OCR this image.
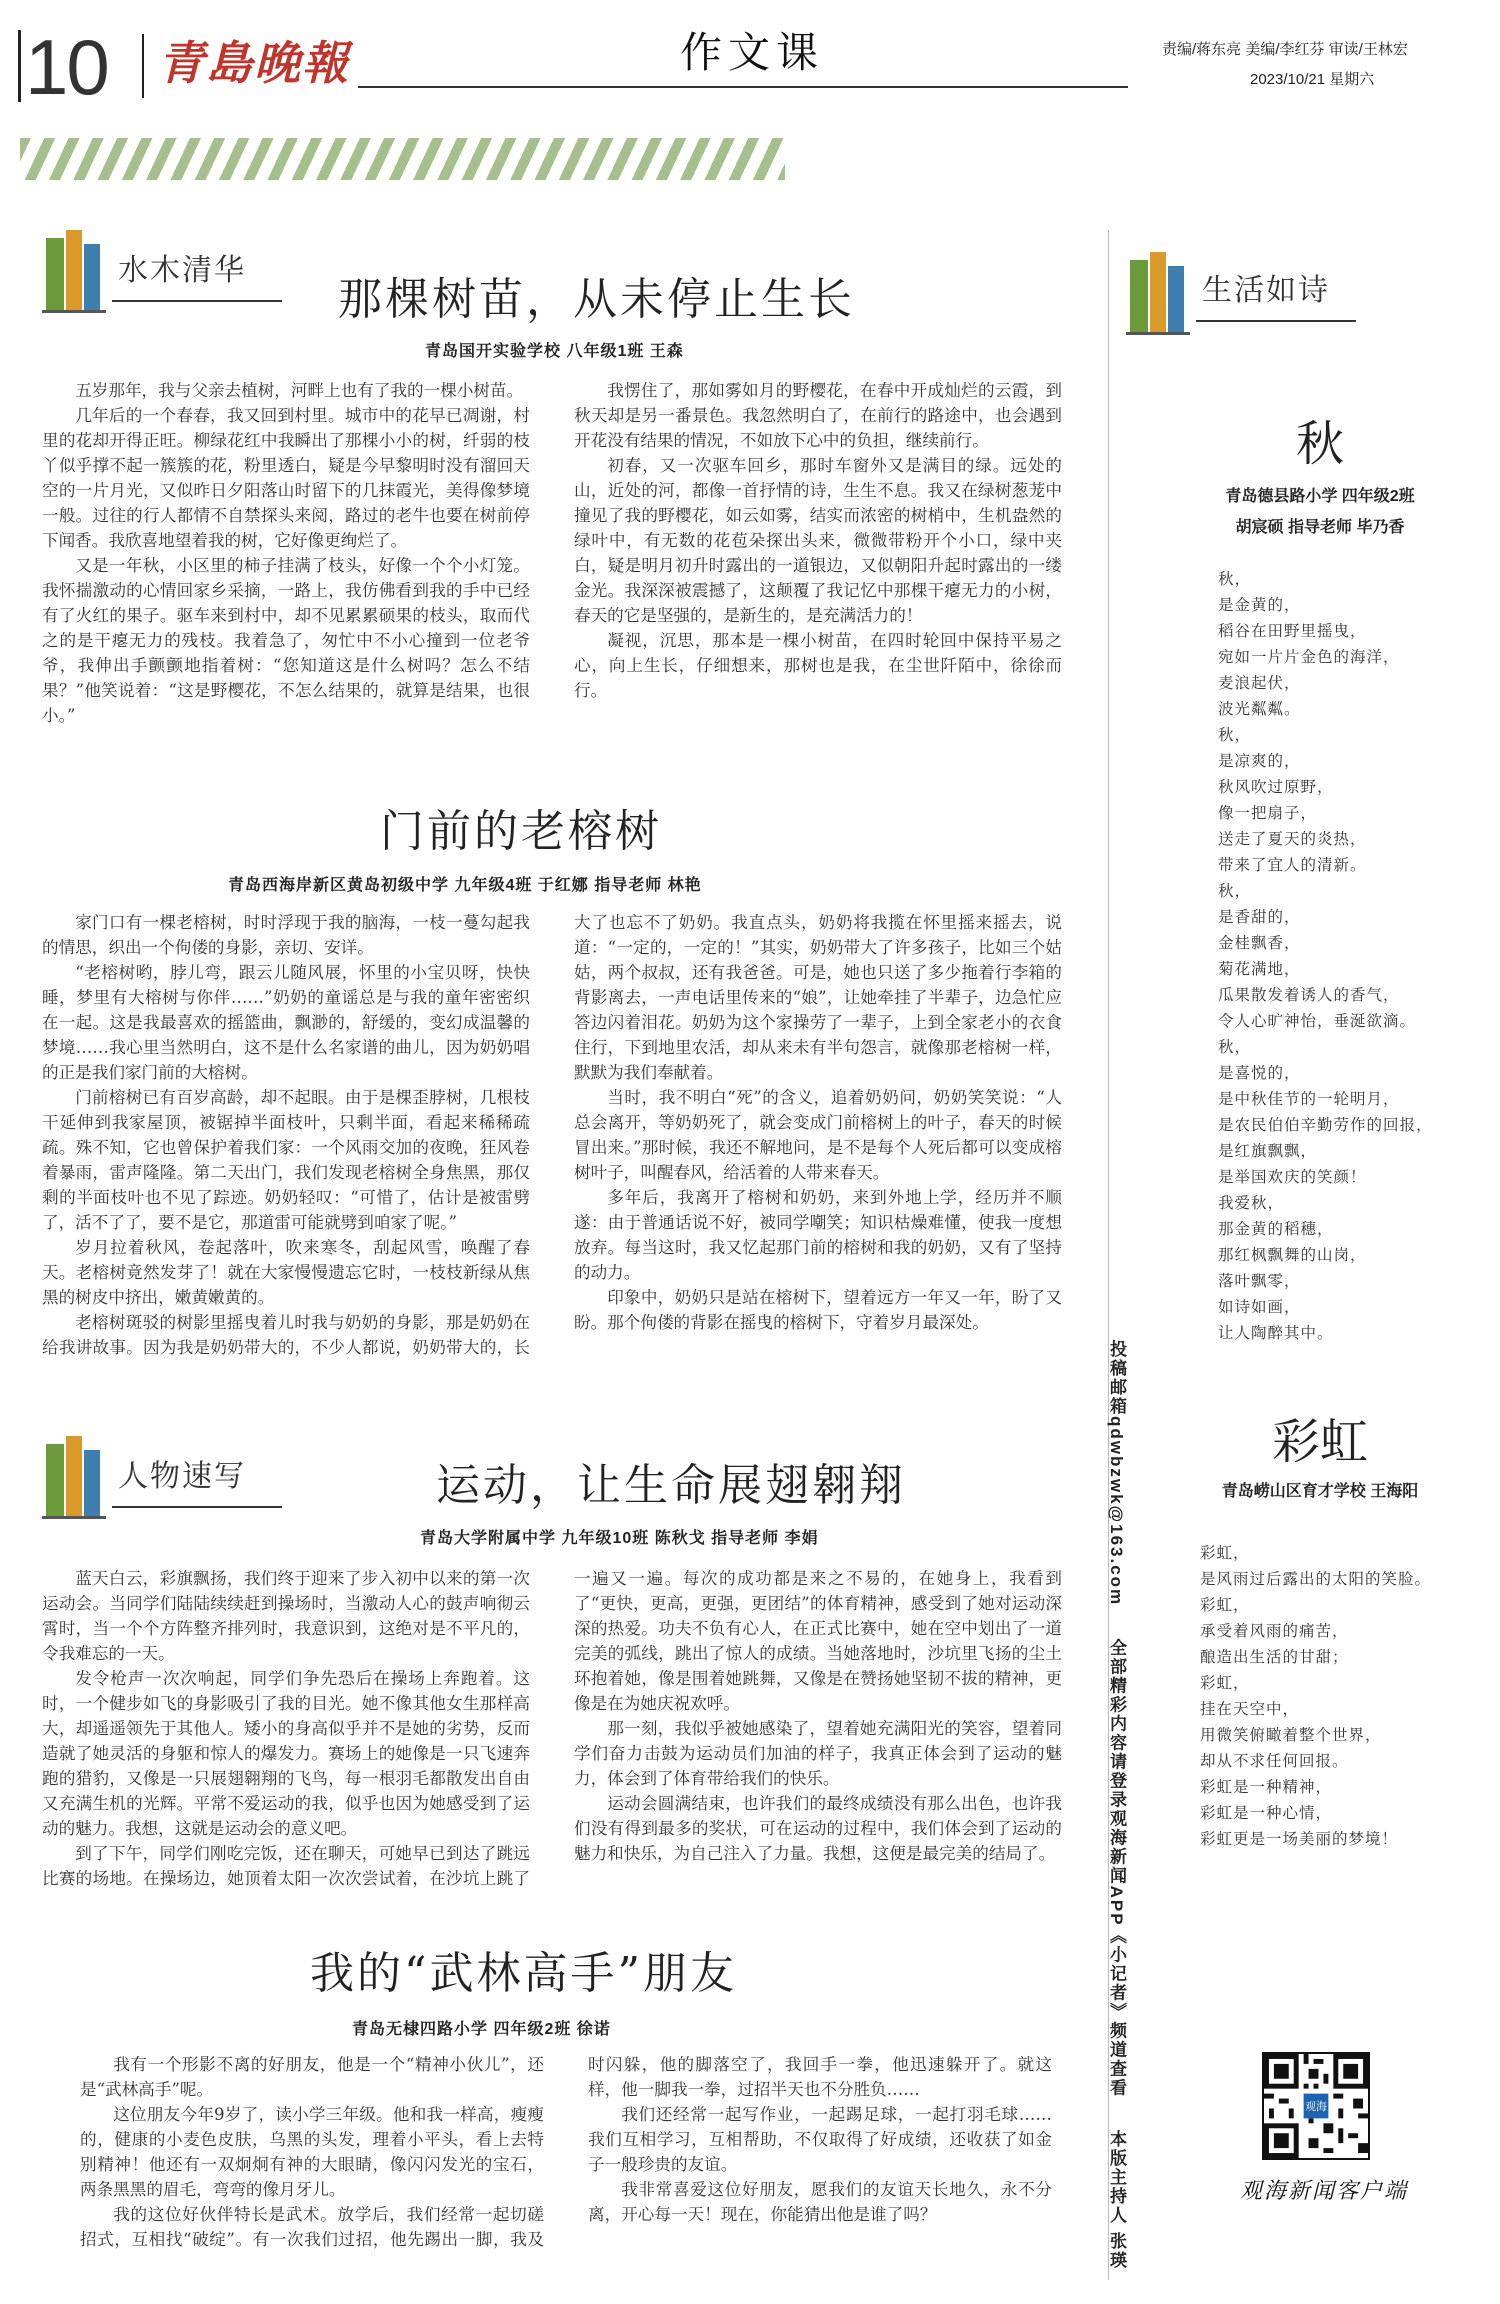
10 青島晚報	作文课	责编/蒋东亮 美编/李红芬 审读/王林宏
2023/10/21 星期六
水木清华
那棵树苗，从未停止生长
青岛国开实验学校 八年级1班 王森

五岁那年，我与父亲去植树，河畔上也有了我的一棵小树苗。

几年后的一个春春，我又回到村里。城市中的花早已凋谢，村里的花却开得正旺。柳绿花红中我瞬出了那棵小小的树，纤弱的枝丫似乎撑不起一簇簇的花，粉里透白，疑是今早黎明时没有溜回天空的一片月光，又似昨日夕阳落山时留下的几抹霞光，美得像梦境一般。过往的行人都情不自禁探头来阅，路过的老牛也要在树前停下闻香。我欣喜地望着我的树，它好像更绚烂了。

又是一年秋，小区里的柿子挂满了枝头，好像一个个小灯笼。我怀揣激动的心情回家乡采摘，一路上，我仿佛看到我的手中已经有了火红的果子。驱车来到村中，却不见累累硕果的枝头，取而代之的是干瘪无力的残枝。我着急了，匆忙中不小心撞到一位老爷爷，我伸出手颤颤地指着树：“您知道这是什么树吗？怎么不结果？”他笑说着：“这是野樱花，不怎么结果的，就算是结果，也很小。”

我愣住了，那如雾如月的野樱花，在春中开成灿烂的云霞，到秋天却是另一番景色。我忽然明白了，在前行的路途中，也会遇到开花没有结果的情况，不如放下心中的负担，继续前行。

初春，又一次驱车回乡，那时车窗外又是满目的绿。远处的山，近处的河，都像一首抒情的诗，生生不息。我又在绿树葱茏中撞见了我的野樱花，如云如雾，结实而浓密的树梢中，生机盎然的绿叶中，有无数的花苞朵探出头来，微微带粉开个小口，绿中夹白，疑是明月初升时露出的一道银边，又似朝阳升起时露出的一缕金光。我深深被震撼了，这颠覆了我记忆中那棵干瘪无力的小树，春天的它是坚强的，是新生的，是充满活力的！

凝视，沉思，那本是一棵小树苗，在四时轮回中保持平易之心，向上生长，仔细想来，那树也是我，在尘世阡陌中，徐徐而行。

门前的老榕树
青岛西海岸新区黄岛初级中学 九年级4班 于红娜 指导老师 林艳

家门口有一棵老榕树，时时浮现于我的脑海，一枝一蔓勾起我的情思，织出一个佝偻的身影，亲切、安详。

“老榕树哟，脖儿弯，跟云儿随风展，怀里的小宝贝呀，快快睡，梦里有大榕树与你伴……”奶奶的童谣总是与我的童年密密织在一起。这是我最喜欢的摇篮曲，飘渺的，舒缓的，变幻成温馨的梦境……我心里当然明白，这不是什么名家谱的曲儿，因为奶奶唱的正是我们家门前的大榕树。

门前榕树已有百岁高龄，却不起眼。由于是棵歪脖树，几根枝干延伸到我家屋顶，被锯掉半面枝叶，只剩半面，看起来稀稀疏疏。殊不知，它也曾保护着我们家：一个风雨交加的夜晚，狂风卷着暴雨，雷声隆隆。第二天出门，我们发现老榕树全身焦黑，那仅剩的半面枝叶也不见了踪迹。奶奶轻叹：“可惜了，估计是被雷劈了，活不了了，要不是它，那道雷可能就劈到咱家了呢。”

岁月拉着秋风，卷起落叶，吹来寒冬，刮起风雪，唤醒了春天。老榕树竟然发芽了！就在大家慢慢遗忘它时，一枝枝新绿从焦黑的树皮中挤出，嫩黄嫩黄的。

老榕树斑驳的树影里摇曳着儿时我与奶奶的身影，那是奶奶在给我讲故事。因为我是奶奶带大的，不少人都说，奶奶带大的，长大了也忘不了奶奶。我直点头，奶奶将我揽在怀里摇来摇去，说道：“一定的，一定的！”其实，奶奶带大了许多孩子，比如三个姑姑，两个叔叔，还有我爸爸。可是，她也只送了多少拖着行李箱的背影离去，一声电话里传来的“娘”，让她牵挂了半辈子，边急忙应答边闪着泪花。奶奶为这个家操劳了一辈子，上到全家老小的衣食住行，下到地里农活，却从来未有半句怨言，就像那老榕树一样，默默为我们奉献着。

当时，我不明白“死”的含义，追着奶奶问，奶奶笑笑说：“人总会离开，等奶奶死了，就会变成门前榕树上的叶子，春天的时候冒出来。”那时候，我还不解地问，是不是每个人死后都可以变成榕树叶子，叫醒春风，给活着的人带来春天。

多年后，我离开了榕树和奶奶，来到外地上学，经历并不顺遂：由于普通话说不好，被同学嘲笑；知识枯燥难懂，使我一度想放弃。每当这时，我又忆起那门前的榕树和我的奶奶，又有了坚持的动力。

印象中，奶奶只是站在榕树下，望着远方一年又一年，盼了又盼。那个佝偻的背影在摇曳的榕树下，守着岁月最深处。

人物速写	运动，让生命展翅翱翔
青岛大学附属中学 九年级10班 陈秋戈 指导老师 李娟

蓝天白云，彩旗飘扬，我们终于迎来了步入初中以来的第一次运动会。当同学们陆陆续续赶到操场时，当激动人心的鼓声响彻云霄时，当一个个方阵整齐排列时，我意识到，这绝对是不平凡的，令我难忘的一天。

发令枪声一次次响起，同学们争先恐后在操场上奔跑着。这时，一个健步如飞的身影吸引了我的目光。她不像其他女生那样高大，却遥遥领先于其他人。矮小的身高似乎并不是她的劣势，反而造就了她灵活的身躯和惊人的爆发力。赛场上的她像是一只飞速奔跑的猎豹，又像是一只展翅翱翔的飞鸟，每一根羽毛都散发出自由又充满生机的光辉。平常不爱运动的我，似乎也因为她感受到了运动的魅力。我想，这就是运动会的意义吧。

到了下午，同学们刚吃完饭，还在聊天，可她早已到达了跳远比赛的场地。在操场边，她顶着太阳一次次尝试着，在沙坑上跳了一遍又一遍。每次的成功都是来之不易的，在她身上，我看到了“更快，更高，更强，更团结”的体育精神，感受到了她对运动深深的热爱。功夫不负有心人，在正式比赛中，她在空中划出了一道完美的弧线，跳出了惊人的成绩。当她落地时，沙坑里飞扬的尘土环抱着她，像是围着她跳舞，又像是在赞扬她坚韧不拔的精神，更像是在为她庆祝欢呼。

那一刻，我似乎被她感染了，望着她充满阳光的笑容，望着同学们奋力击鼓为运动员们加油的样子，我真正体会到了运动的魅力，体会到了体育带给我们的快乐。

运动会圆满结束，也许我们的最终成绩没有那么出色，也许我们没有得到最多的奖状，可在运动的过程中，我们体会到了运动的魅力和快乐，为自己注入了力量。我想，这便是最完美的结局了。

我的“武林高手”朋友
青岛无棣四路小学 四年级2班 徐诺

我有一个形影不离的好朋友，他是一个“精神小伙儿”，还是“武林高手”呢。

这位朋友今年9岁了，读小学三年级。他和我一样高，瘦瘦的，健康的小麦色皮肤，乌黑的头发，理着小平头，看上去特别精神！他还有一双炯炯有神的大眼睛，像闪闪发光的宝石，两条黑黑的眉毛，弯弯的像月牙儿。

我的这位好伙伴特长是武术。放学后，我们经常一起切磋招式，互相找“破绽”。有一次我们过招，他先踢出一脚，我及时闪躲，他的脚落空了，我回手一拳，他迅速躲开了。就这样，他一脚我一拳，过招半天也不分胜负……

我们还经常一起写作业，一起踢足球，一起打羽毛球……我们互相学习，互相帮助，不仅取得了好成绩，还收获了如金子一般珍贵的友谊。

我非常喜爱这位好朋友，愿我们的友谊天长地久，永不分离，开心每一天！现在，你能猜出他是谁了吗？

投稿邮箱qdwbzwk@163.com 　 全部精彩内容请登录观海新闻APP《小记者》频道查看 　 本版主持人 张瑛
生活如诗
秋
青岛德县路小学 四年级2班
胡宸硕 指导老师 毕乃香
秋，
是金黄的，
稻谷在田野里摇曳，
宛如一片片金色的海洋，
麦浪起伏，
波光粼粼。
秋，
是凉爽的，
秋风吹过原野，
像一把扇子，
送走了夏天的炎热，
带来了宜人的清新。
秋，
是香甜的，
金桂飘香，
菊花满地，
瓜果散发着诱人的香气，
令人心旷神怡，垂涎欲滴。
秋，
是喜悦的，
是中秋佳节的一轮明月，
是农民伯伯辛勤劳作的回报，
是红旗飘飘，
是举国欢庆的笑颜！
我爱秋，
那金黄的稻穗，
那红枫飘舞的山岗，
落叶飘零，
如诗如画，
让人陶醉其中。
彩虹
青岛崂山区育才学校 王海阳
彩虹，
是风雨过后露出的太阳的笑脸。
彩虹，
承受着风雨的痛苦，
酿造出生活的甘甜；
彩虹，
挂在天空中，
用微笑俯瞰着整个世界，
却从不求任何回报。
彩虹是一种精神，
彩虹是一种心情，
彩虹更是一场美丽的梦境！
观海
观海新闻客户端
